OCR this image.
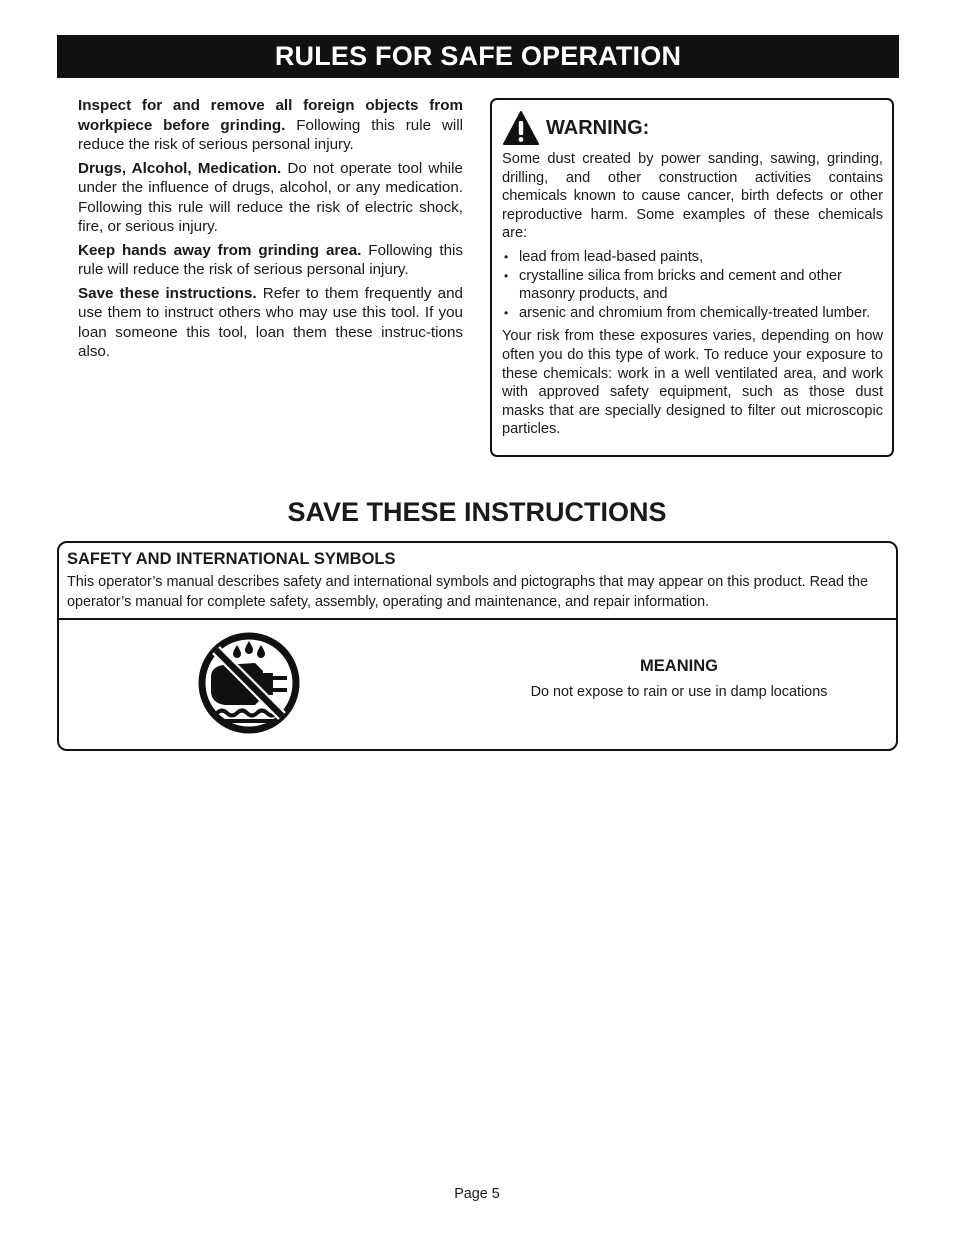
RULES FOR SAFE OPERATION

Inspect for and remove all foreign objects from workpiece before grinding. Following this rule will reduce the risk of serious personal injury.

Drugs, Alcohol, Medication. Do not operate tool while under the influence of drugs, alcohol, or any medication. Following this rule will reduce the risk of electric shock, fire, or serious injury.

Keep hands away from grinding area. Following this rule will reduce the risk of serious personal injury.

Save these instructions. Refer to them frequently and use them to instruct others who may use this tool. If you loan someone this tool, loan them these instruc-tions also.

WARNING:

Some dust created by power sanding, sawing, grinding, drilling, and other construction activities contains chemicals known to cause cancer, birth defects or other reproductive harm. Some examples of these chemicals are:

• lead from lead-based paints,
• crystalline silica from bricks and cement and other masonry products, and
• arsenic and chromium from chemically-treated lumber.

Your risk from these exposures varies, depending on how often you do this type of work. To reduce your exposure to these chemicals: work in a well ventilated area, and work with approved safety equipment, such as those dust masks that are specially designed to filter out microscopic particles.

SAVE THESE INSTRUCTIONS
SAFETY AND INTERNATIONAL SYMBOLS
This operator’s manual describes safety and international symbols and pictographs that may appear on this product. Read the operator’s manual for complete safety, assembly, operating and maintenance, and repair information.
MEANING
Do not expose to rain or use in damp locations
Page 5
